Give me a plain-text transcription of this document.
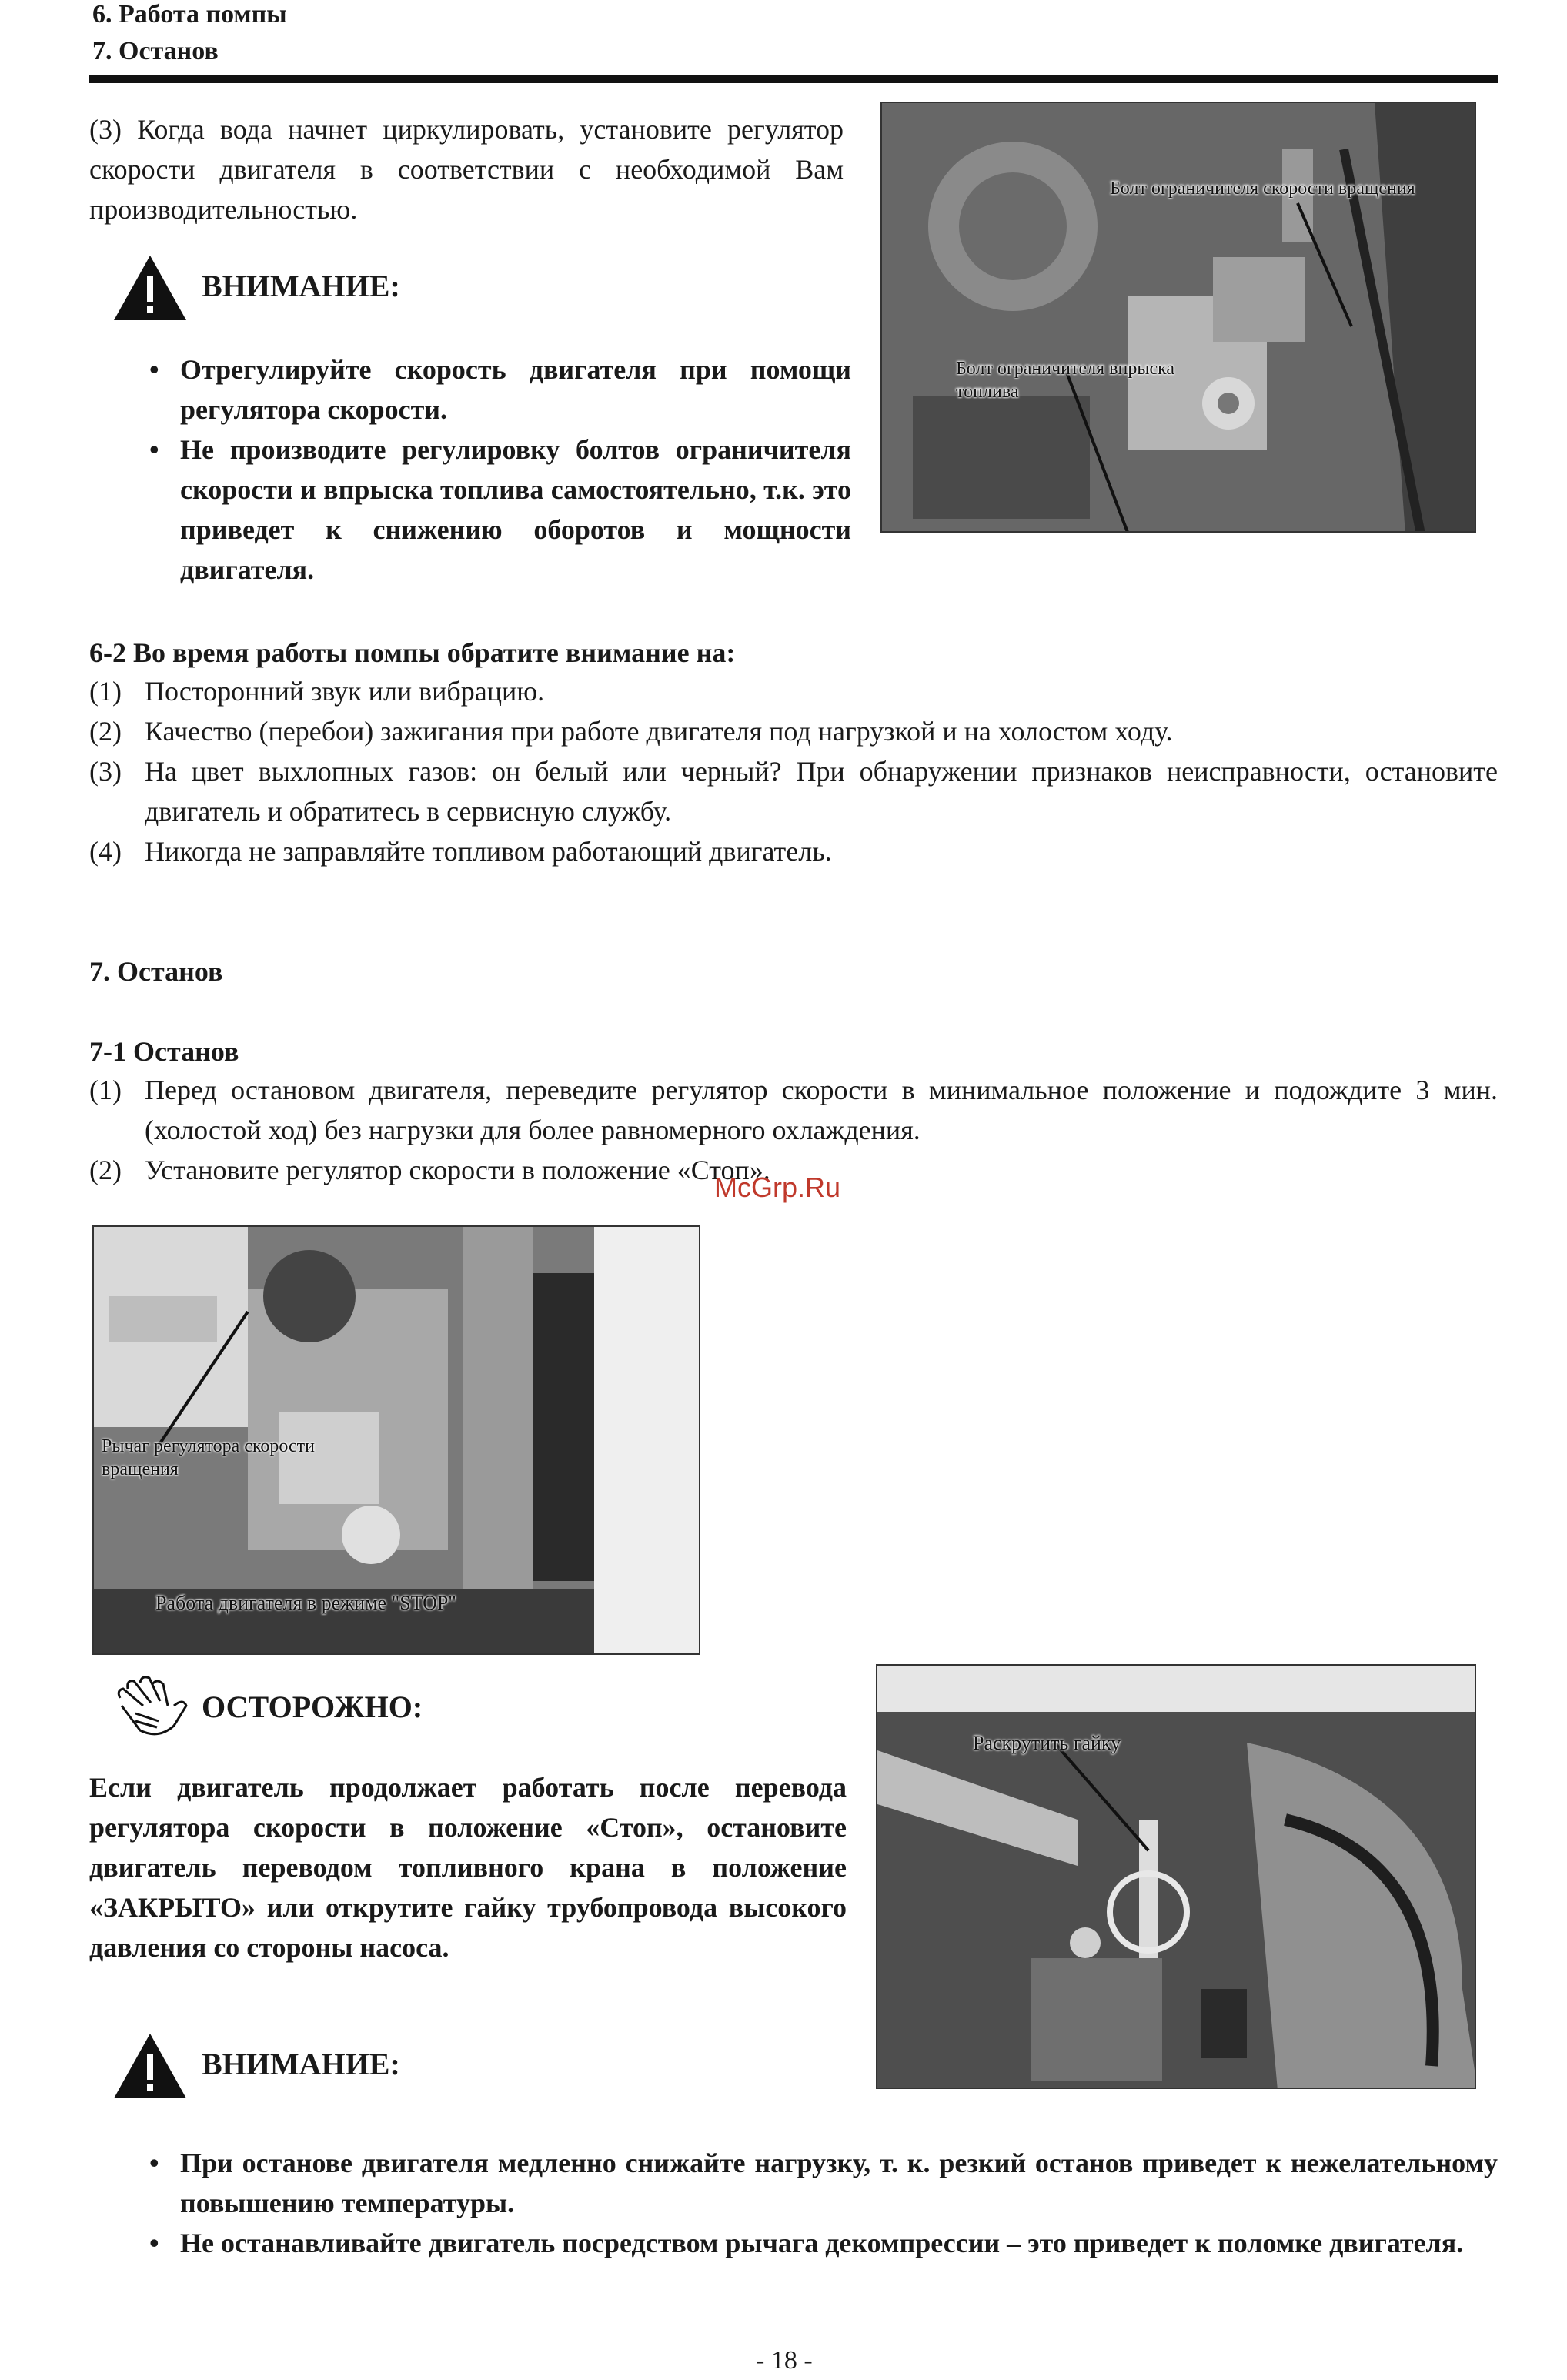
6. Работа помпы
7. Останов
(3) Когда вода начнет циркулировать, установите регулятор скорости двигателя в соответствии с необходимой Вам производительностью.
ВНИМАНИЕ:
• Отрегулируйте скорость двигателя при помощи регулятора скорости.
• Не производите регулировку болтов ограничителя скорости и впрыска топлива самостоятельно, т.к. это приведет к снижению оборотов и мощности двигателя.
Болт ограничителя скорости вращения
Болт ограничителя впрыска топлива
6-2 Во время работы помпы обратите внимание на:
(1) Посторонний звук или вибрацию.
(2) Качество (перебои) зажигания при работе двигателя под нагрузкой и на холостом ходу.
(3) На цвет выхлопных газов: он белый или черный? При обнаружении признаков неисправности, остановите двигатель и обратитесь в сервисную службу.
(4) Никогда не заправляйте топливом работающий двигатель.
7. Останов
7-1 Останов
(1) Перед остановом двигателя, переведите регулятор скорости в минимальное положение и подождите 3 мин. (холостой ход) без нагрузки для более равномерного охлаждения.
(2) Установите регулятор скорости в положение «Стоп».
McGrp.Ru
Рычаг регулятора скорости вращения
Работа двигателя в режиме "STOP"
ОСТОРОЖНО:
Если двигатель продолжает работать после перевода регулятора скорости в положение «Стоп», остановите двигатель переводом топливного крана в положение «ЗАКРЫТО» или открутите гайку трубопровода высокого давления со стороны насоса.
Раскрутить гайку
ВНИМАНИЕ:
• При останове двигателя медленно снижайте нагрузку, т. к. резкий останов приведет к нежелательному повышению температуры.
• Не останавливайте двигатель посредством рычага декомпрессии – это приведет к поломке двигателя.
- 18 -
